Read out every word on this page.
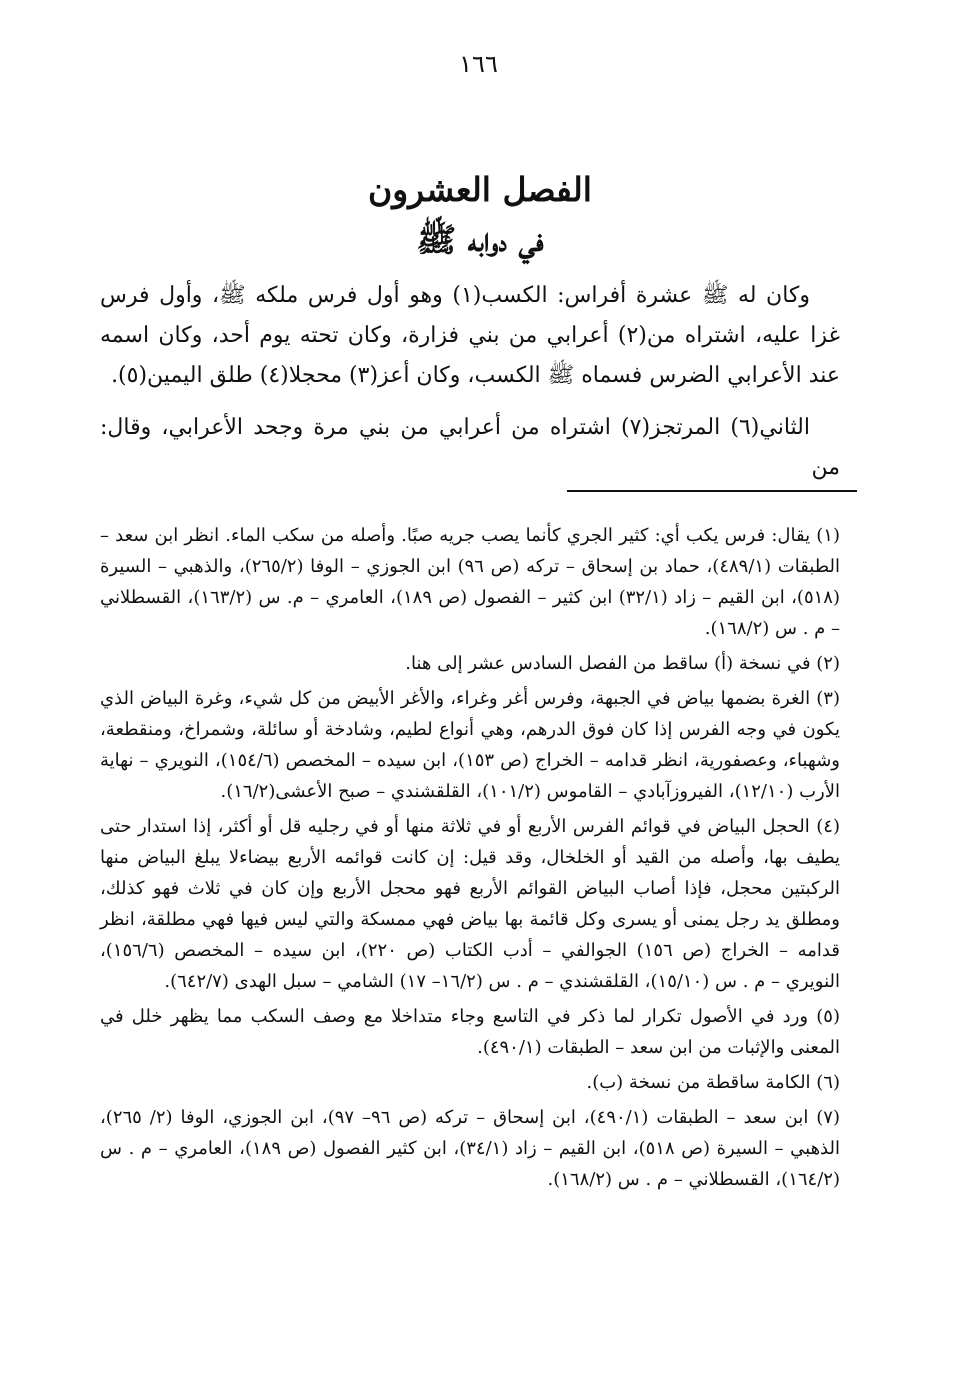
١٦٦
الفصل العشرون
في دوابه ﷺ

وكان له ﷺ عشرة أفراس: الكسب(١) وهو أول فرس ملكه ﷺ، وأول فرس غزا عليه، اشتراه من(٢) أعرابي من بني فزارة، وكان تحته يوم أحد، وكان اسمه عند الأعرابي الضرس فسماه ﷺ الكسب، وكان أعز(٣) محجلا(٤) طلق اليمين(٥).

الثاني(٦) المرتجز(٧) اشتراه من أعرابي من بني مرة وجحد الأعرابي، وقال: من

(١) يقال: فرس يكب أي: كثير الجري كأنما يصب جريه صبًا. وأصله من سكب الماء. انظر ابن سعد – الطبقات (٤٨٩/١)، حماد بن إسحاق – تركه (ص ٩٦) ابن الجوزي – الوفا (٢٦٥/٢)، والذهبي – السيرة (٥١٨)، ابن القيم – زاد (٣٢/١) ابن كثير – الفصول (ص ١٨٩)، العامري – م. س (١٦٣/٢)، القسطلاني – م . س (١٦٨/٢).

(٢) في نسخة (أ) ساقط من الفصل السادس عشر إلى هنا.

(٣) الغرة بضمها بياض في الجبهة، وفرس أغر وغراء، والأغر الأبيض من كل شيء، وغرة البياض الذي يكون في وجه الفرس إذا كان فوق الدرهم، وهي أنواع لطيم، وشادخة أو سائلة، وشمراخ، ومنقطعة، وشهباء، وعصفورية، انظر قدامه – الخراج (ص ١٥٣)، ابن سيده – المخصص (١٥٤/٦)، النويري – نهاية الأرب (١٢/١٠)، الفيروزآبادي – القاموس (١٠١/٢)، القلقشندي – صبح الأعشى(١٦/٢).

(٤) الحجل البياض في قوائم الفرس الأربع أو في ثلاثة منها أو في رجليه قل أو أكثر، إذا استدار حتى يطيف بها، وأصله من القيد أو الخلخال، وقد قيل: إن كانت قوائمه الأربع بيضاءلا يبلغ البياض منها الركبتين محجل، فإذا أصاب البياض القوائم الأربع فهو محجل الأربع وإن كان في ثلاث فهو كذلك، ومطلق يد رجل يمنى أو يسرى وكل قائمة بها بياض فهي ممسكة والتي ليس فيها فهي مطلقة، انظر قدامه – الخراج (ص ١٥٦) الجوالفي – أدب الكتاب (ص ٢٢٠)، ابن سيده – المخصص (١٥٦/٦)، النويري – م . س (١٥/١٠)، القلقشندي – م . س (١٦/٢– ١٧) الشامي – سبل الهدى (٦٤٢/٧).

(٥) ورد في الأصول تكرار لما ذكر في التاسع وجاء متداخلا مع وصف السكب مما يظهر خلل في المعنى والإثبات من ابن سعد – الطبقات (٤٩٠/١).

(٦) الكامة ساقطة من نسخة (ب).

(٧) ابن سعد – الطبقات (٤٩٠/١)، ابن إسحاق – تركه (ص ٩٦– ٩٧)، ابن الجوزي، الوفا (٢/ ٢٦٥)، الذهبي – السيرة (ص ٥١٨)، ابن القيم – زاد (٣٤/١)، ابن كثير الفصول (ص ١٨٩)، العامري – م . س (١٦٤/٢)، القسطلاني – م . س (١٦٨/٢).
